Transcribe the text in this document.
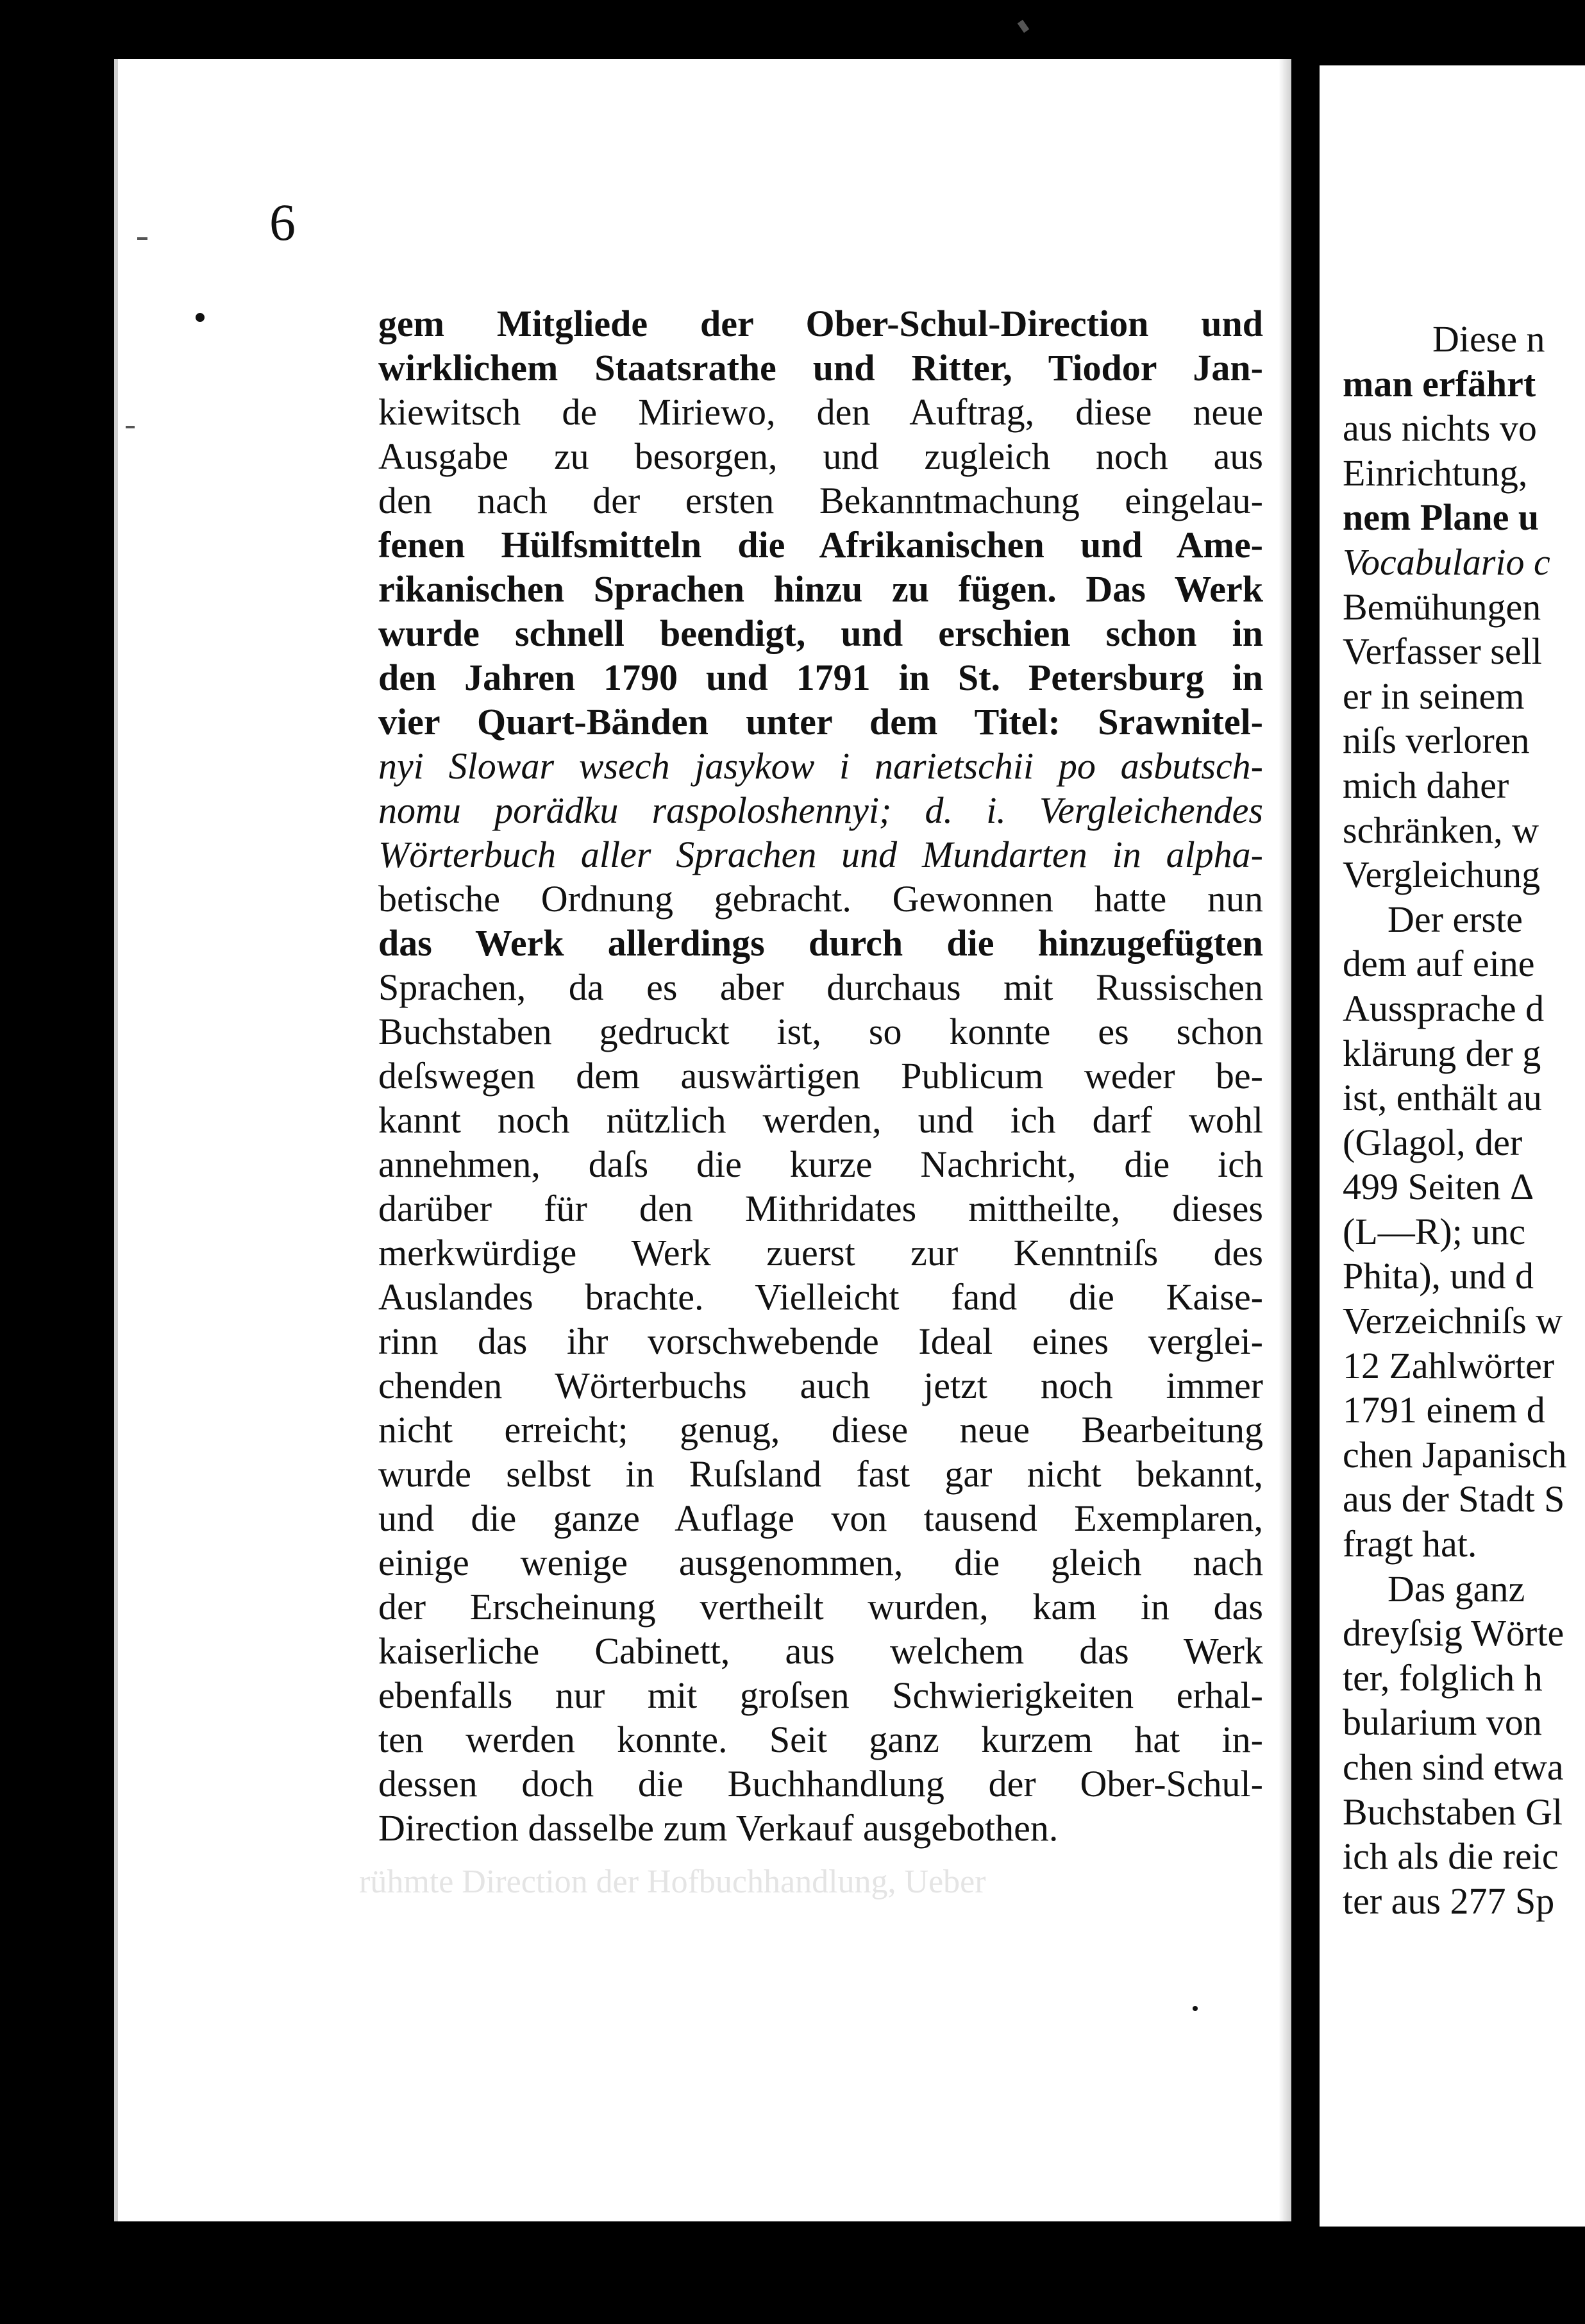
6
gem Mitgliede der Ober-Schul-Direction und
wirklichem Staatsrathe und Ritter, Tiodor Jan-
kiewitsch de Miriewo, den Auftrag, diese neue
Ausgabe zu besorgen, und zugleich noch aus
den nach der ersten Bekanntmachung eingelau-
fenen Hülfsmitteln die Afrikanischen und Ame-
rikanischen Sprachen hinzu zu fügen. Das Werk
wurde schnell beendigt, und erschien schon in
den Jahren 1790 und 1791 in St. Petersburg in
vier Quart-Bänden unter dem Titel: Srawnitel-
nyi Slowar wsech jasykow i narietschii po asbutsch-
nomu porädku raspoloshennyi; d. i. Vergleichendes
Wörterbuch aller Sprachen und Mundarten in alpha-
betische Ordnung gebracht. Gewonnen hatte nun
das Werk allerdings durch die hinzugefügten
Sprachen, da es aber durchaus mit Russischen
Buchstaben gedruckt ist, so konnte es schon
deſswegen dem auswärtigen Publicum weder be-
kannt noch nützlich werden, und ich darf wohl
annehmen, daſs die kurze Nachricht, die ich
darüber für den Mithridates mittheilte, dieses
merkwürdige Werk zuerst zur Kenntniſs des
Auslandes brachte. Vielleicht fand die Kaise-
rinn das ihr vorschwebende Ideal eines verglei-
chenden Wörterbuchs auch jetzt noch immer
nicht erreicht; genug, diese neue Bearbeitung
wurde selbst in Ruſsland fast gar nicht bekannt,
und die ganze Auflage von tausend Exemplaren,
einige wenige ausgenommen, die gleich nach
der Erscheinung vertheilt wurden, kam in das
kaiserliche Cabinett, aus welchem das Werk
ebenfalls nur mit groſsen Schwierigkeiten erhal-
ten werden konnte. Seit ganz kurzem hat in-
dessen doch die Buchhandlung der Ober-Schul-
Direction dasselbe zum Verkauf ausgebothen.
rühmte Direction der Hofbuchhandlung, Ueber
Diese n
man erfährt
aus nichts vo
Einrichtung,
nem Plane u
Vocabulario c
Bemühungen
Verfasser sell
er in seinem
niſs verloren
mich daher
schränken, w
Vergleichung
Der erste
dem auf eine
Aussprache d
klärung der g
ist, enthält au
(Glagol, der
499 Seiten Δ
(L—R); unc
Phita), und d
Verzeichniſs w
12 Zahlwörter
1791 einem d
chen Japanisch
aus der Stadt S
fragt hat.
Das ganz
dreyſsig Wörte
ter, folglich h
bularium von
chen sind etwa
Buchstaben Gl
ich als die reic
ter aus 277 Sp
